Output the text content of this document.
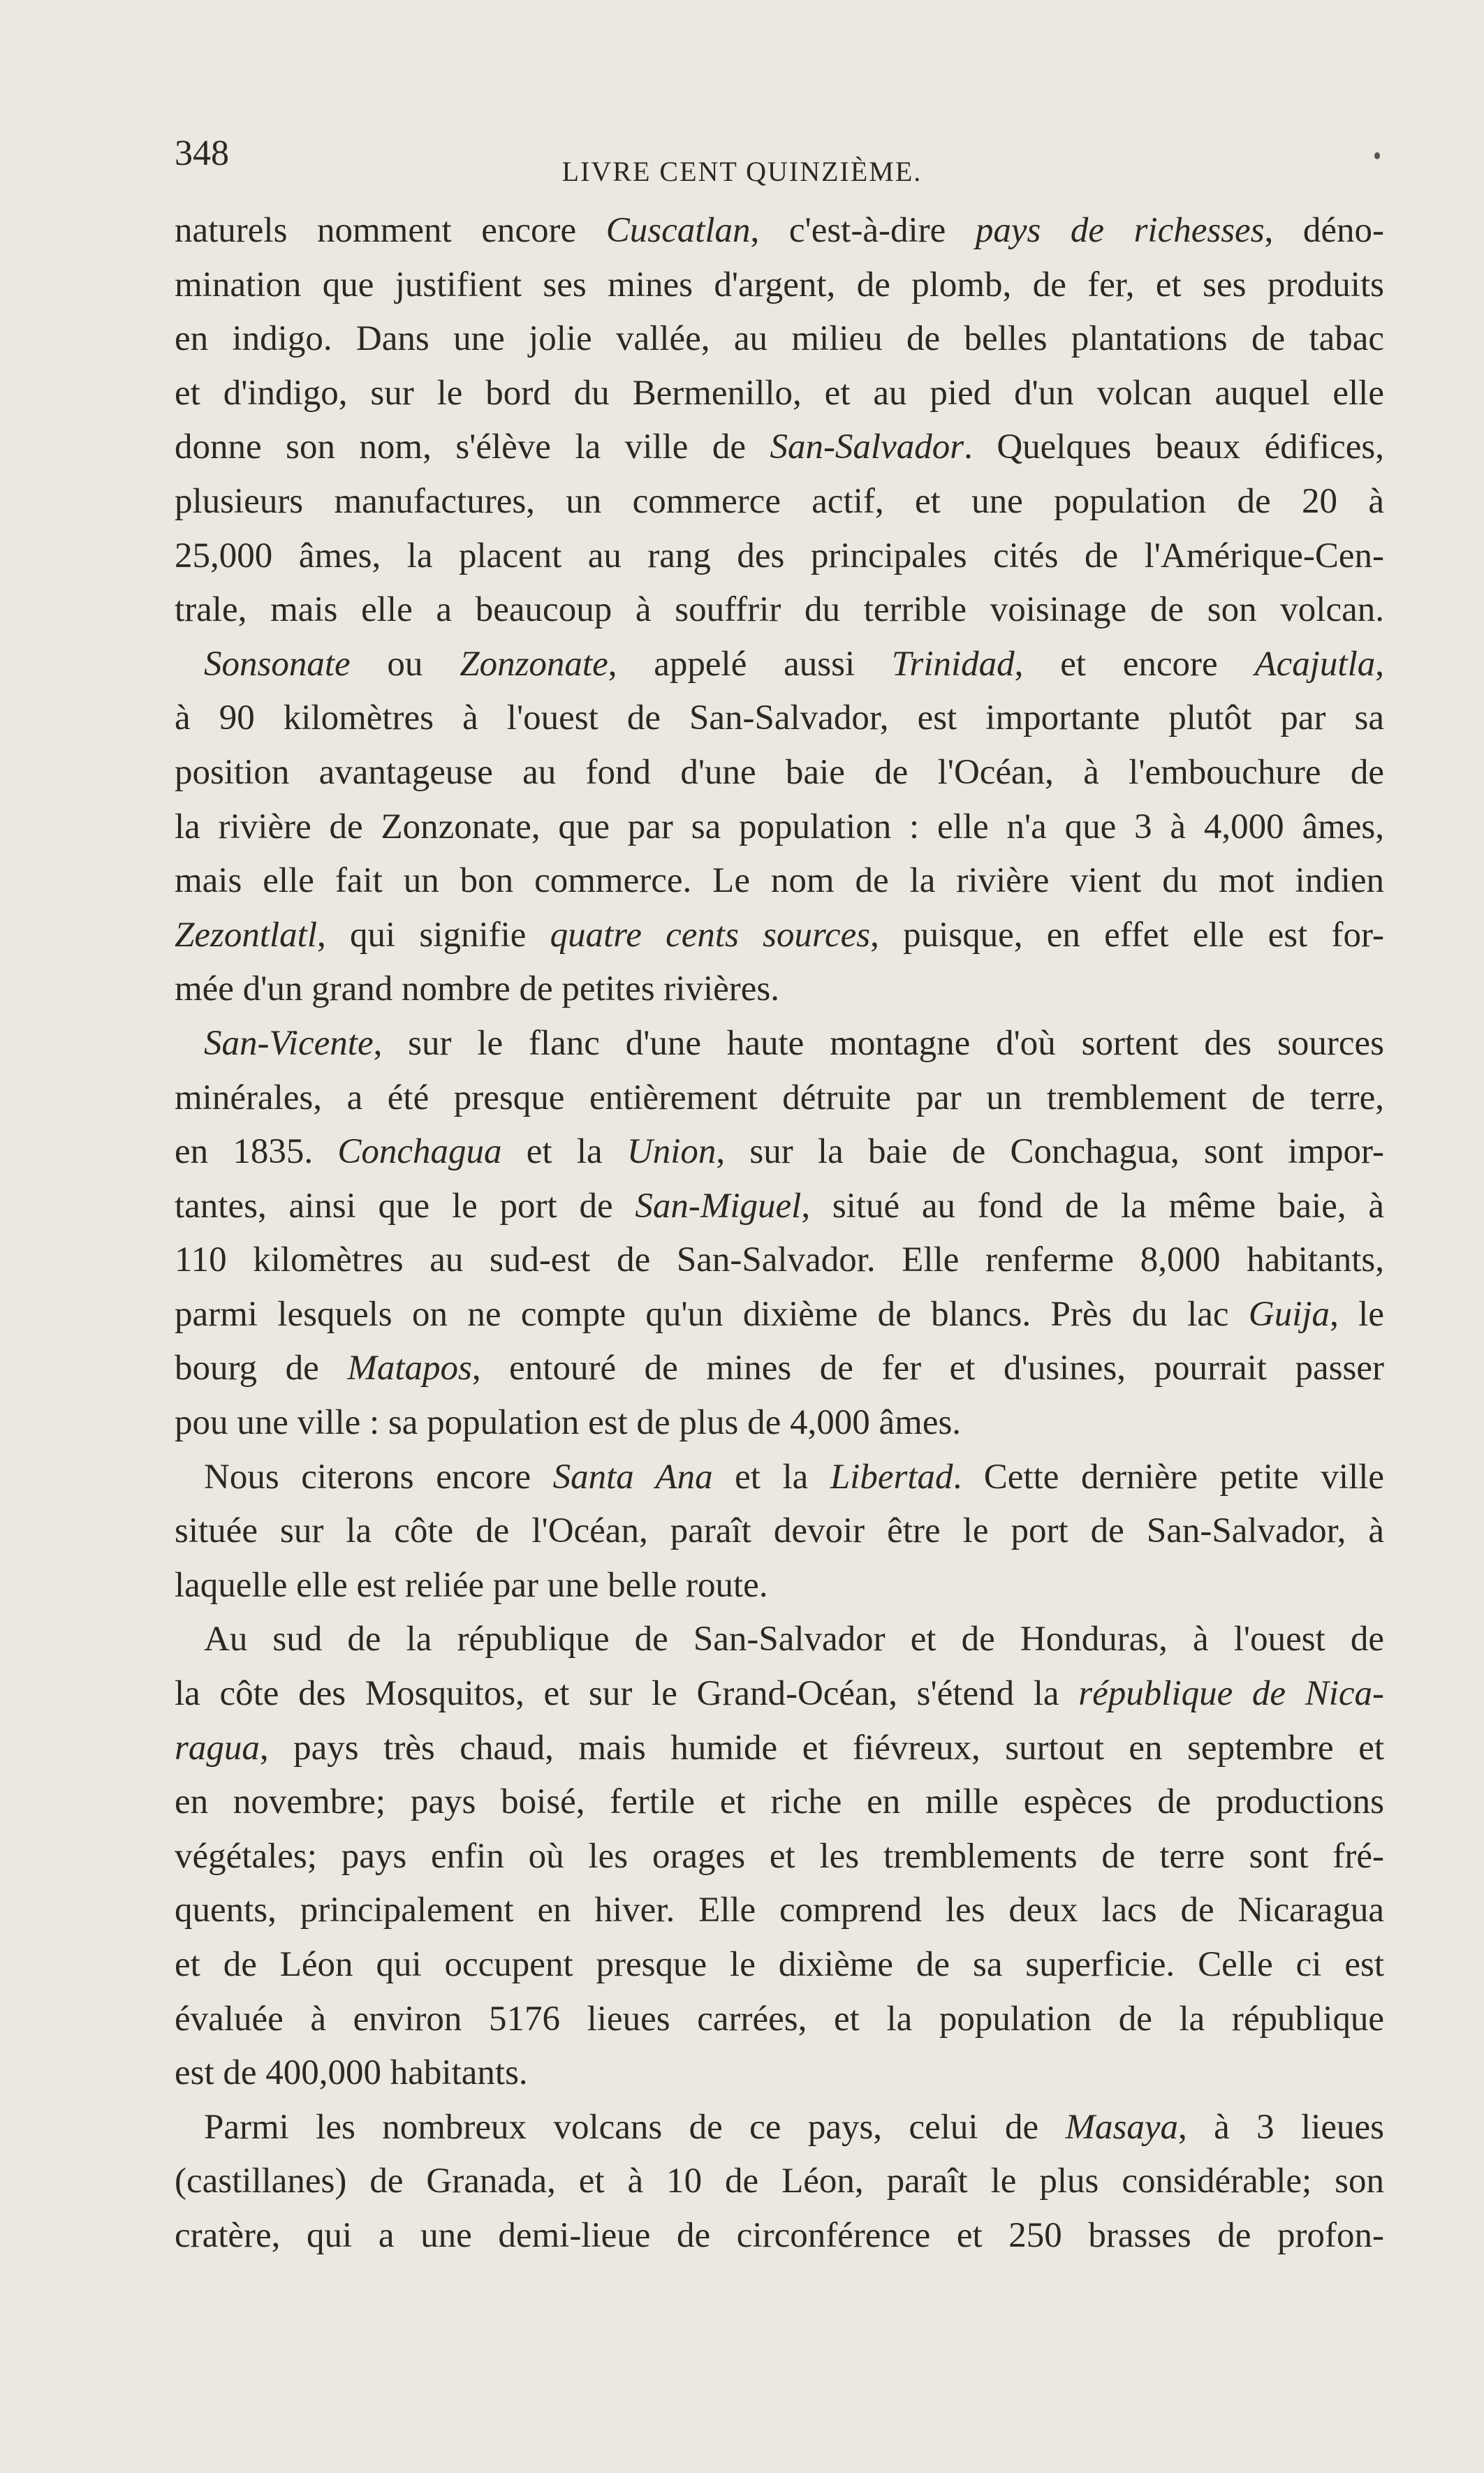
348	LIVRE CENT QUINZIÈME.
naturels nomment encore Cuscatlan, c'est-à-dire pays de richesses, déno-
mination que justifient ses mines d'argent, de plomb, de fer, et ses produits
en indigo. Dans une jolie vallée, au milieu de belles plantations de tabac
et d'indigo, sur le bord du Bermenillo, et au pied d'un volcan auquel elle
donne son nom, s'élève la ville de San-Salvador. Quelques beaux édifices,
plusieurs manufactures, un commerce actif, et une population de 20 à
25,000 âmes, la placent au rang des principales cités de l'Amérique-Cen-
trale, mais elle a beaucoup à souffrir du terrible voisinage de son volcan.
Sonsonate ou Zonzonate, appelé aussi Trinidad, et encore Acajutla,
à 90 kilomètres à l'ouest de San-Salvador, est importante plutôt par sa
position avantageuse au fond d'une baie de l'Océan, à l'embouchure de
la rivière de Zonzonate, que par sa population : elle n'a que 3 à 4,000 âmes,
mais elle fait un bon commerce. Le nom de la rivière vient du mot indien
Zezontlatl, qui signifie quatre cents sources, puisque, en effet elle est for-
mée d'un grand nombre de petites rivières.
San-Vicente, sur le flanc d'une haute montagne d'où sortent des sources
minérales, a été presque entièrement détruite par un tremblement de terre,
en 1835. Conchagua et la Union, sur la baie de Conchagua, sont impor-
tantes, ainsi que le port de San-Miguel, situé au fond de la même baie, à
110 kilomètres au sud-est de San-Salvador. Elle renferme 8,000 habitants,
parmi lesquels on ne compte qu'un dixième de blancs. Près du lac Guija, le
bourg de Matapos, entouré de mines de fer et d'usines, pourrait passer
pou une ville : sa population est de plus de 4,000 âmes.
Nous citerons encore Santa Ana et la Libertad. Cette dernière petite ville
située sur la côte de l'Océan, paraît devoir être le port de San-Salvador, à
laquelle elle est reliée par une belle route.
Au sud de la république de San-Salvador et de Honduras, à l'ouest de
la côte des Mosquitos, et sur le Grand-Océan, s'étend la république de Nica-
ragua, pays très chaud, mais humide et fiévreux, surtout en septembre et
en novembre; pays boisé, fertile et riche en mille espèces de productions
végétales; pays enfin où les orages et les tremblements de terre sont fré-
quents, principalement en hiver. Elle comprend les deux lacs de Nicaragua
et de Léon qui occupent presque le dixième de sa superficie. Celle ci est
évaluée à environ 5176 lieues carrées, et la population de la république
est de 400,000 habitants.
Parmi les nombreux volcans de ce pays, celui de Masaya, à 3 lieues
(castillanes) de Granada, et à 10 de Léon, paraît le plus considérable; son
cratère, qui a une demi-lieue de circonférence et 250 brasses de profon-
